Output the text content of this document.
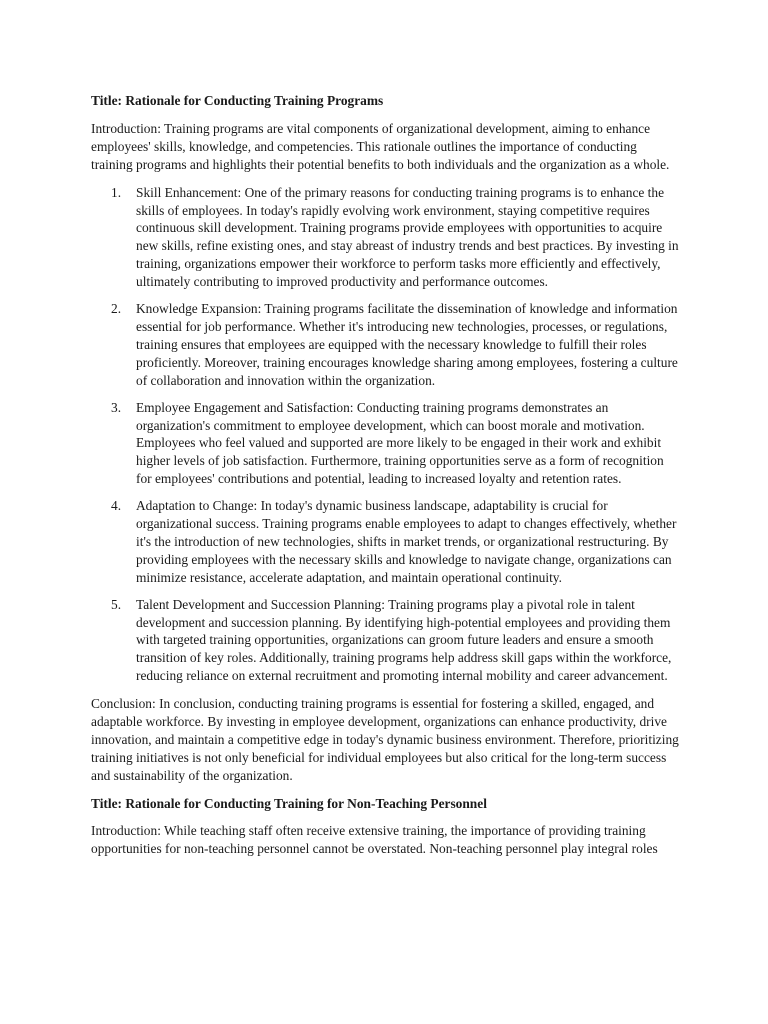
Title: Rationale for Conducting Training Programs

Introduction: Training programs are vital components of organizational development, aiming to enhance employees' skills, knowledge, and competencies. This rationale outlines the importance of conducting training programs and highlights their potential benefits to both individuals and the organization as a whole.

1. Skill Enhancement: One of the primary reasons for conducting training programs is to enhance the skills of employees. In today's rapidly evolving work environment, staying competitive requires continuous skill development. Training programs provide employees with opportunities to acquire new skills, refine existing ones, and stay abreast of industry trends and best practices. By investing in training, organizations empower their workforce to perform tasks more efficiently and effectively, ultimately contributing to improved productivity and performance outcomes.
2. Knowledge Expansion: Training programs facilitate the dissemination of knowledge and information essential for job performance. Whether it's introducing new technologies, processes, or regulations, training ensures that employees are equipped with the necessary knowledge to fulfill their roles proficiently. Moreover, training encourages knowledge sharing among employees, fostering a culture of collaboration and innovation within the organization.
3. Employee Engagement and Satisfaction: Conducting training programs demonstrates an organization's commitment to employee development, which can boost morale and motivation. Employees who feel valued and supported are more likely to be engaged in their work and exhibit higher levels of job satisfaction. Furthermore, training opportunities serve as a form of recognition for employees' contributions and potential, leading to increased loyalty and retention rates.
4. Adaptation to Change: In today's dynamic business landscape, adaptability is crucial for organizational success. Training programs enable employees to adapt to changes effectively, whether it's the introduction of new technologies, shifts in market trends, or organizational restructuring. By providing employees with the necessary skills and knowledge to navigate change, organizations can minimize resistance, accelerate adaptation, and maintain operational continuity.
5. Talent Development and Succession Planning: Training programs play a pivotal role in talent development and succession planning. By identifying high-potential employees and providing them with targeted training opportunities, organizations can groom future leaders and ensure a smooth transition of key roles. Additionally, training programs help address skill gaps within the workforce, reducing reliance on external recruitment and promoting internal mobility and career advancement.

Conclusion: In conclusion, conducting training programs is essential for fostering a skilled, engaged, and adaptable workforce. By investing in employee development, organizations can enhance productivity, drive innovation, and maintain a competitive edge in today's dynamic business environment. Therefore, prioritizing training initiatives is not only beneficial for individual employees but also critical for the long-term success and sustainability of the organization.

Title: Rationale for Conducting Training for Non-Teaching Personnel

Introduction: While teaching staff often receive extensive training, the importance of providing training opportunities for non-teaching personnel cannot be overstated. Non-teaching personnel play integral roles
